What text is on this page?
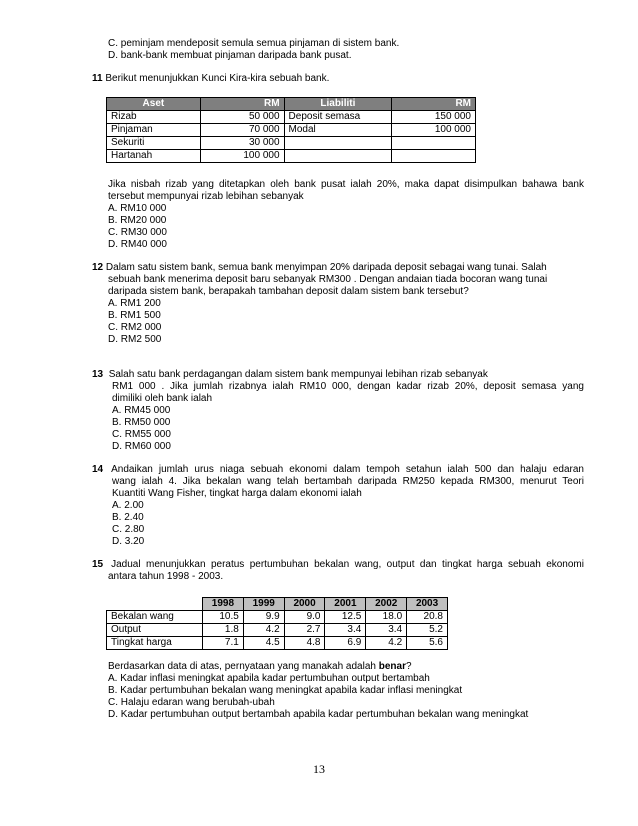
C. peminjam mendeposit semula semua pinjaman di sistem bank.
D. bank-bank membuat pinjaman daripada bank pusat.
11 Berikut menunjukkan Kunci Kira-kira sebuah bank.
Aset	RM	Liabiliti	RM
Rizab	50 000	Deposit semasa	150 000
Pinjaman	70 000	Modal	100 000
Sekuriti	30 000		
Hartanah	100 000		
Jika nisbah rizab yang ditetapkan oleh bank pusat ialah 20%, maka dapat disimpulkan bahawa bank
tersebut mempunyai rizab lebihan sebanyak
A. RM10 000
B. RM20 000
C. RM30 000
D. RM40 000
12 Dalam satu sistem bank, semua bank menyimpan 20% daripada deposit sebagai wang tunai. Salah
sebuah bank menerima deposit baru sebanyak RM300 . Dengan andaian tiada bocoran wang tunai
daripada sistem bank, berapakah tambahan deposit dalam sistem bank tersebut?
A. RM1 200
B. RM1 500
C. RM2 000
D. RM2 500
13 Salah satu bank perdagangan dalam sistem bank mempunyai lebihan rizab sebanyak
RM1 000 . Jika jumlah rizabnya ialah RM10 000, dengan kadar rizab 20%, deposit semasa yang
dimiliki oleh bank ialah
A. RM45 000
B. RM50 000
C. RM55 000
D. RM60 000
14 Andaikan jumlah urus niaga sebuah ekonomi dalam tempoh setahun ialah 500 dan halaju edaran
wang ialah 4. Jika bekalan wang telah bertambah daripada RM250 kepada RM300, menurut Teori
Kuantiti Wang Fisher, tingkat harga dalam ekonomi ialah
A. 2.00
B. 2.40
C. 2.80
D. 3.20
15 Jadual menunjukkan peratus pertumbuhan bekalan wang, output dan tingkat harga sebuah ekonomi
antara tahun 1998 - 2003.
	1998	1999	2000	2001	2002	2003
Bekalan wang	10.5	9.9	9.0	12.5	18.0	20.8
Output	1.8	4.2	2.7	3.4	3.4	5.2
Tingkat harga	7.1	4.5	4.8	6.9	4.2	5.6
Berdasarkan data di atas, pernyataan yang manakah adalah benar?
A. Kadar inflasi meningkat apabila kadar pertumbuhan output bertambah
B. Kadar pertumbuhan bekalan wang meningkat apabila kadar inflasi meningkat
C. Halaju edaran wang berubah-ubah
D. Kadar pertumbuhan output bertambah apabila kadar pertumbuhan bekalan wang meningkat
13
